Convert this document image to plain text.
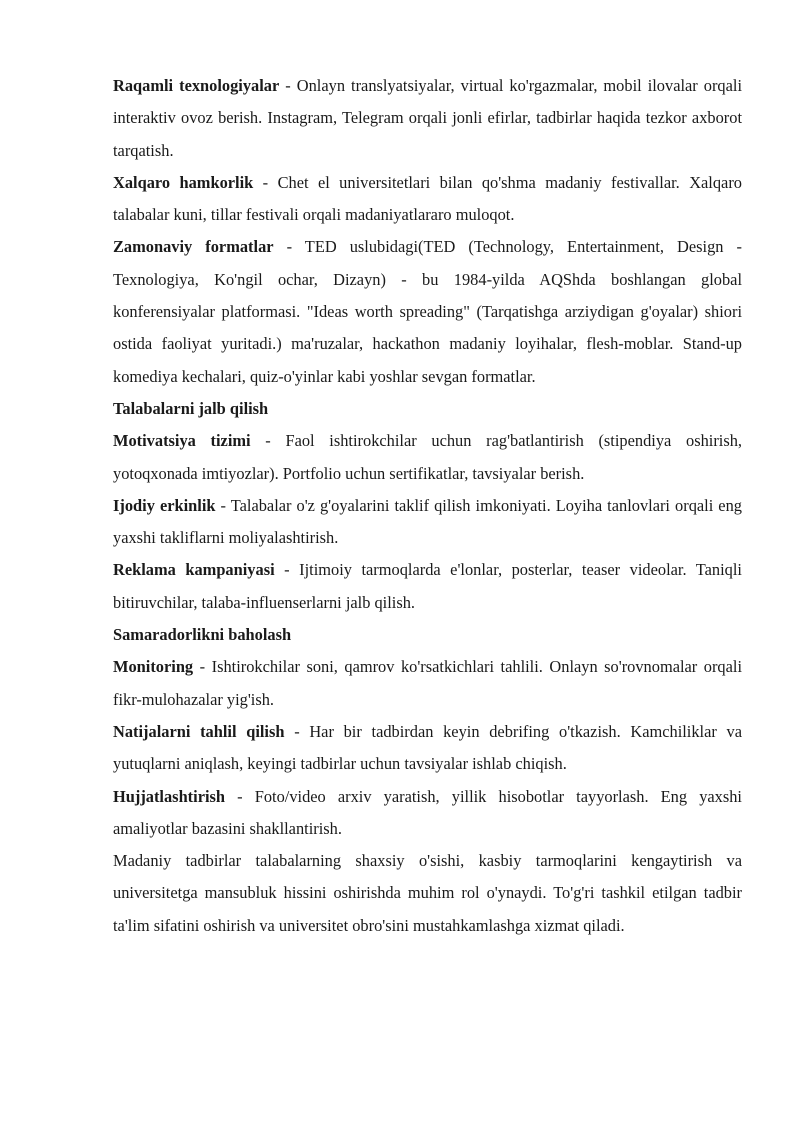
Raqamli texnologiyalar - Onlayn translyatsiyalar, virtual ko'rgazmalar, mobil ilovalar orqali interaktiv ovoz berish. Instagram, Telegram orqali jonli efirlar, tadbirlar haqida tezkor axborot tarqatish.

Xalqaro hamkorlik - Chet el universitetlari bilan qo'shma madaniy festivallar. Xalqaro talabalar kuni, tillar festivali orqali madaniyatlararo muloqot.

Zamonaviy formatlar - TED uslubidagi(TED (Technology, Entertainment, Design - Texnologiya, Ko'ngil ochar, Dizayn) - bu 1984-yilda AQShda boshlangan global konferensiyalar platformasi. "Ideas worth spreading" (Tarqatishga arziydigan g'oyalar) shiori ostida faoliyat yuritadi.) ma'ruzalar, hackathon madaniy loyihalar, flesh-moblar. Stand-up komediya kechalari, quiz-o'yinlar kabi yoshlar sevgan formatlar.

Talabalarni jalb qilish

Motivatsiya tizimi - Faol ishtirokchilar uchun rag'batlantirish (stipendiya oshirish, yotoqxonada imtiyozlar). Portfolio uchun sertifikatlar, tavsiyalar berish.

Ijodiy erkinlik - Talabalar o'z g'oyalarini taklif qilish imkoniyati. Loyiha tanlovlari orqali eng yaxshi takliflarni moliyalashtirish.

Reklama kampaniyasi - Ijtimoiy tarmoqlarda e'lonlar, posterlar, teaser videolar. Taniqli bitiruvchilar, talaba-influenserlarni jalb qilish.

Samaradorlikni baholash

Monitoring - Ishtirokchilar soni, qamrov ko'rsatkichlari tahlili. Onlayn so'rovnomalar orqali fikr-mulohazalar yig'ish.

Natijalarni tahlil qilish - Har bir tadbirdan keyin debrifing o'tkazish. Kamchiliklar va yutuqlarni aniqlash, keyingi tadbirlar uchun tavsiyalar ishlab chiqish.

Hujjatlashtirish - Foto/video arxiv yaratish, yillik hisobotlar tayyorlash. Eng yaxshi amaliyotlar bazasini shakllantirish.

Madaniy tadbirlar talabalarning shaxsiy o'sishi, kasbiy tarmoqlarini kengaytirish va universitetga mansubluk hissini oshirishda muhim rol o'ynaydi. To'g'ri tashkil etilgan tadbir ta'lim sifatini oshirish va universitet obro'sini mustahkamlashga xizmat qiladi.
